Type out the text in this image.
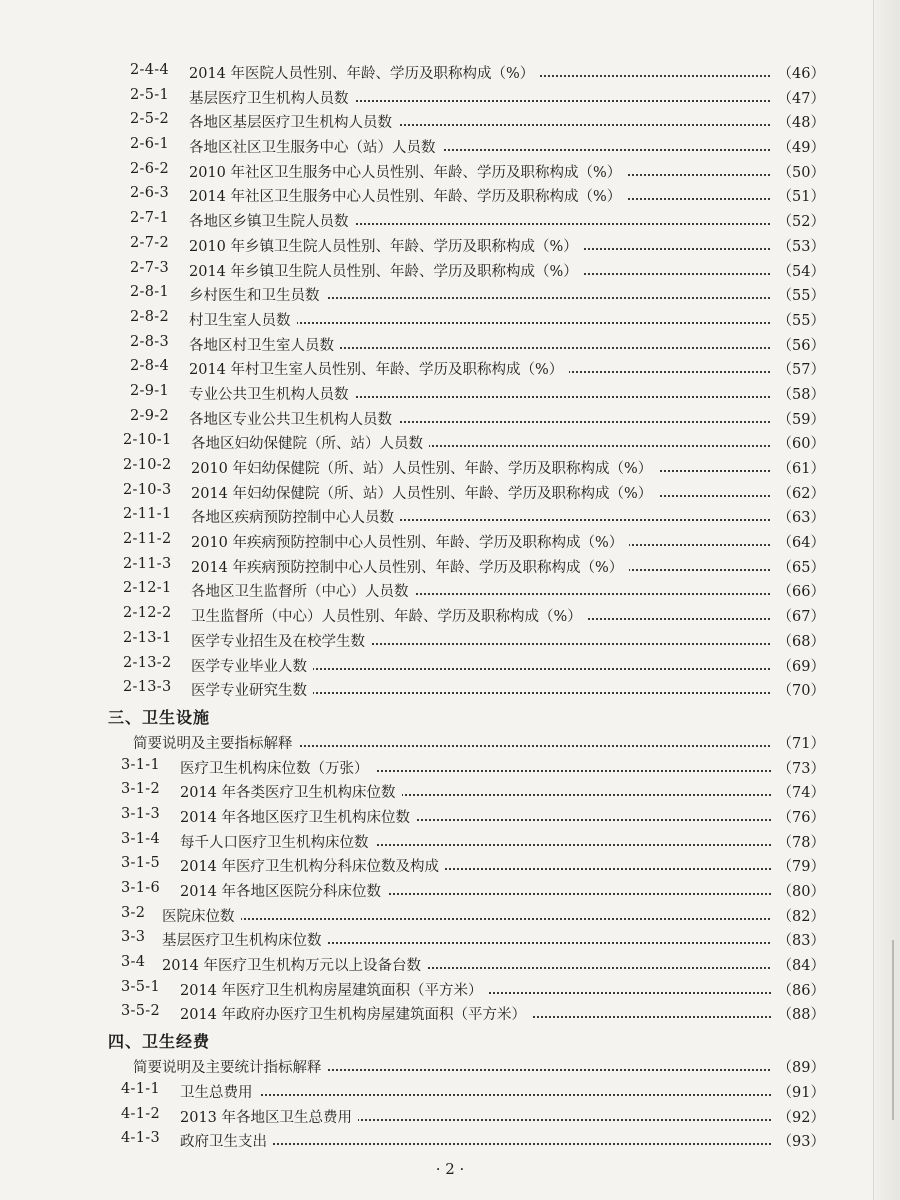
2-4-4 2014 年医院人员性别、年龄、学历及职称构成（%）	（46）
2-5-1 基层医疗卫生机构人员数	（47）
2-5-2 各地区基层医疗卫生机构人员数	（48）
2-6-1 各地区社区卫生服务中心（站）人员数	（49）
2-6-2 2010 年社区卫生服务中心人员性别、年龄、学历及职称构成（%）	（50）
2-6-3 2014 年社区卫生服务中心人员性别、年龄、学历及职称构成（%）	（51）
2-7-1 各地区乡镇卫生院人员数	（52）
2-7-2 2010 年乡镇卫生院人员性别、年龄、学历及职称构成（%）	（53）
2-7-3 2014 年乡镇卫生院人员性别、年龄、学历及职称构成（%）	（54）
2-8-1 乡村医生和卫生员数	（55）
2-8-2 村卫生室人员数	（55）
2-8-3 各地区村卫生室人员数	（56）
2-8-4 2014 年村卫生室人员性别、年龄、学历及职称构成（%）	（57）
2-9-1 专业公共卫生机构人员数	（58）
2-9-2 各地区专业公共卫生机构人员数	（59）
2-10-1 各地区妇幼保健院（所、站）人员数	（60）
2-10-2 2010 年妇幼保健院（所、站）人员性别、年龄、学历及职称构成（%）	（61）
2-10-3 2014 年妇幼保健院（所、站）人员性别、年龄、学历及职称构成（%）	（62）
2-11-1 各地区疾病预防控制中心人员数	（63）
2-11-2 2010 年疾病预防控制中心人员性别、年龄、学历及职称构成（%）	（64）
2-11-3 2014 年疾病预防控制中心人员性别、年龄、学历及职称构成（%）	（65）
2-12-1 各地区卫生监督所（中心）人员数	（66）
2-12-2 卫生监督所（中心）人员性别、年龄、学历及职称构成（%）	（67）
2-13-1 医学专业招生及在校学生数	（68）
2-13-2 医学专业毕业人数	（69）
2-13-3 医学专业研究生数	（70）
三、卫生设施
简要说明及主要指标解释	（71）
3-1-1 医疗卫生机构床位数（万张）	（73）
3-1-2 2014 年各类医疗卫生机构床位数	（74）
3-1-3 2014 年各地区医疗卫生机构床位数	（76）
3-1-4 每千人口医疗卫生机构床位数	（78）
3-1-5 2014 年医疗卫生机构分科床位数及构成	（79）
3-1-6 2014 年各地区医院分科床位数	（80）
3-2 医院床位数	（82）
3-3 基层医疗卫生机构床位数	（83）
3-4 2014 年医疗卫生机构万元以上设备台数	（84）
3-5-1 2014 年医疗卫生机构房屋建筑面积（平方米）	（86）
3-5-2 2014 年政府办医疗卫生机构房屋建筑面积（平方米）	（88）
四、卫生经费
简要说明及主要统计指标解释	（89）
4-1-1 卫生总费用	（91）
4-1-2 2013 年各地区卫生总费用	（92）
4-1-3 政府卫生支出	（93）
· 2 ·
